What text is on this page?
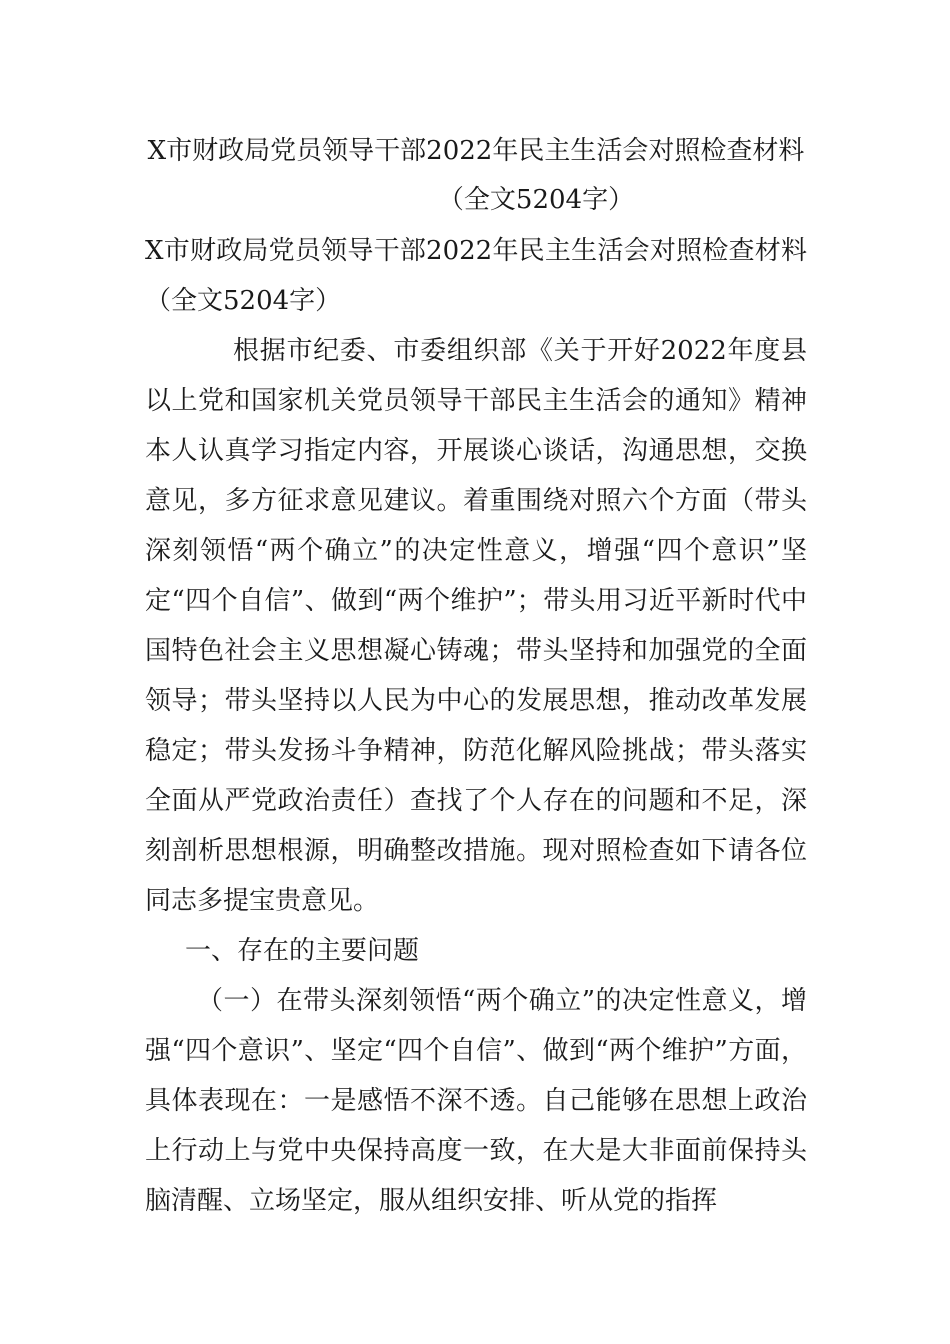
X市财政局党员领导干部2022年民主生活会对照检查材料

（全文5204字）

X市财政局党员领导干部2022年民主生活会对照检查材料（全文5204字）

根据市纪委、市委组织部《关于开好2022年度县以上党和国家机关党员领导干部民主生活会的通知》精神本人认真学习指定内容，开展谈心谈话，沟通思想，交换意见，多方征求意见建议。着重围绕对照六个方面（带头深刻领悟“两个确立”的决定性意义，增强“四个意识”坚定“四个自信”、做到“两个维护”；带头用习近平新时代中国特色社会主义思想凝心铸魂；带头坚持和加强党的全面领导；带头坚持以人民为中心的发展思想，推动改革发展稳定；带头发扬斗争精神，防范化解风险挑战；带头落实全面从严党政治责任）查找了个人存在的问题和不足，深刻剖析思想根源，明确整改措施。现对照检查如下请各位同志多提宝贵意见。

一、存在的主要问题

（一）在带头深刻领悟“两个确立”的决定性意义，增强“四个意识”、坚定“四个自信”、做到“两个维护”方面，具体表现在：一是感悟不深不透。自己能够在思想上政治上行动上与党中央保持高度一致，在大是大非面前保持头脑清醒、立场坚定，服从组织安排、听从党的指挥
